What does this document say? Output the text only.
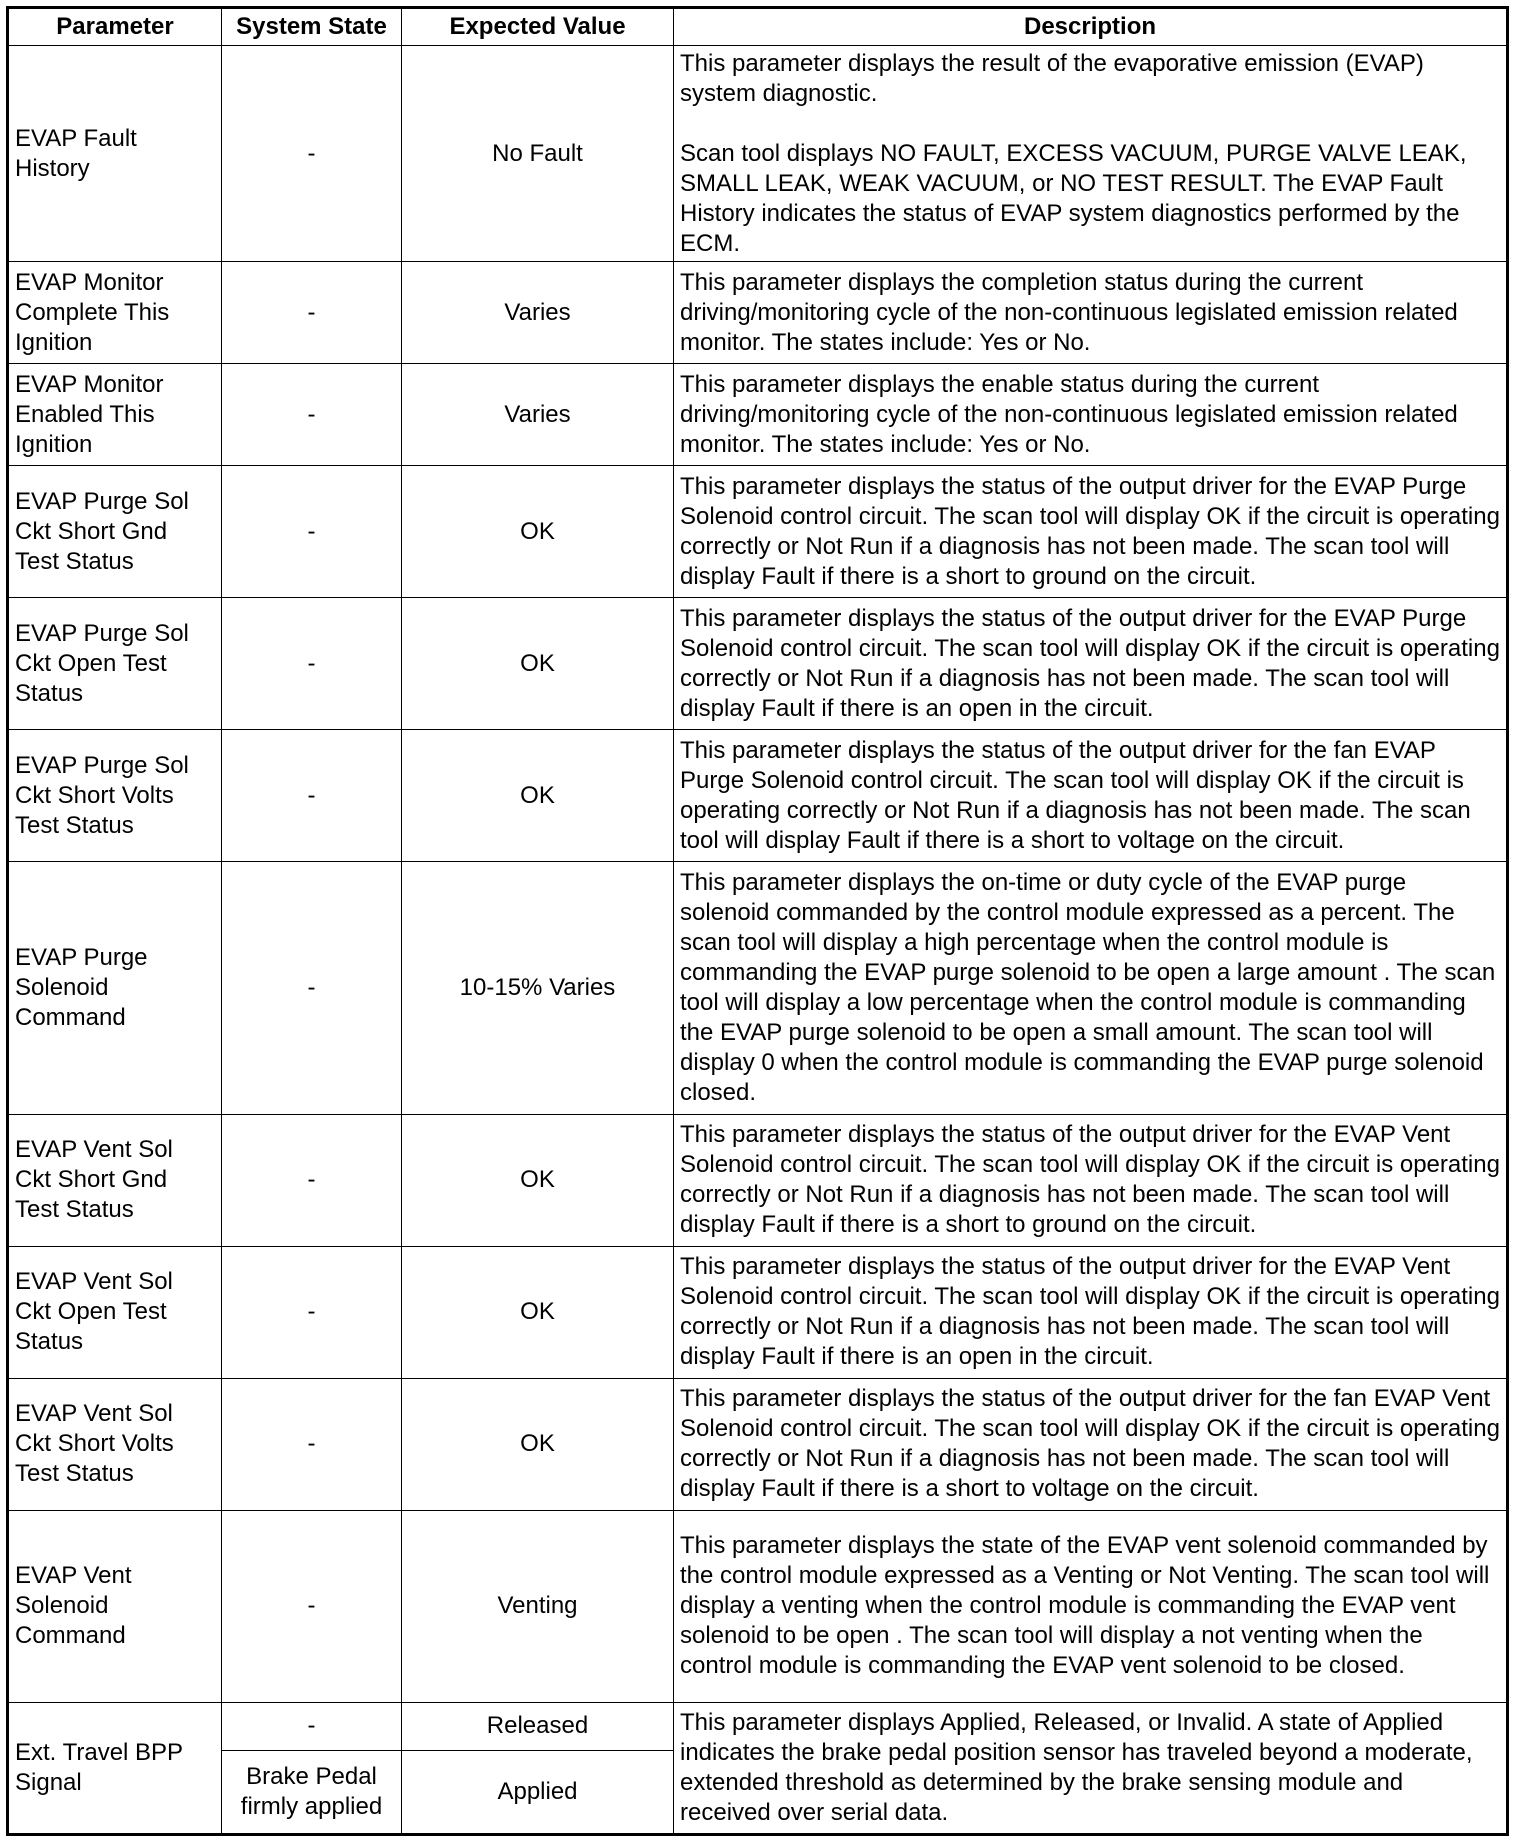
Parameter	System State	Expected Value	Description
EVAP Fault History	-	No Fault	This parameter displays the result of the evaporative emission (EVAP) system diagnostic.
Scan tool displays NO FAULT, EXCESS VACUUM, PURGE VALVE LEAK, SMALL LEAK, WEAK VACUUM, or NO TEST RESULT. The EVAP Fault History indicates the status of EVAP system diagnostics performed by the ECM.

EVAP Monitor Complete This Ignition	-	Varies	This parameter displays the completion status during the current driving/monitoring cycle of the non-continuous legislated emission related monitor. The states include: Yes or No.
EVAP Monitor Enabled This Ignition	-	Varies	This parameter displays the enable status during the current driving/monitoring cycle of the non-continuous legislated emission related monitor. The states include: Yes or No.
EVAP Purge Sol Ckt Short Gnd Test Status	-	OK	This parameter displays the status of the output driver for the EVAP Purge Solenoid control circuit. The scan tool will display OK if the circuit is operating correctly or Not Run if a diagnosis has not been made. The scan tool will display Fault if there is a short to ground on the circuit.
EVAP Purge Sol Ckt Open Test Status	-	OK	This parameter displays the status of the output driver for the EVAP Purge Solenoid control circuit. The scan tool will display OK if the circuit is operating correctly or Not Run if a diagnosis has not been made. The scan tool will display Fault if there is an open in the circuit.
EVAP Purge Sol Ckt Short Volts Test Status	-	OK	This parameter displays the status of the output driver for the fan EVAP Purge Solenoid control circuit. The scan tool will display OK if the circuit is operating correctly or Not Run if a diagnosis has not been made. The scan tool will display Fault if there is a short to voltage on the circuit.
EVAP Purge Solenoid Command	-	10-15% Varies	This parameter displays the on-time or duty cycle of the EVAP purge solenoid commanded by the control module expressed as a percent. The scan tool will display a high percentage when the control module is commanding the EVAP purge solenoid to be open a large amount . The scan tool will display a low percentage when the control module is commanding the EVAP purge solenoid to be open a small amount. The scan tool will display 0 when the control module is commanding the EVAP purge solenoid closed.
EVAP Vent Sol Ckt Short Gnd Test Status	-	OK	This parameter displays the status of the output driver for the EVAP Vent Solenoid control circuit. The scan tool will display OK if the circuit is operating correctly or Not Run if a diagnosis has not been made. The scan tool will display Fault if there is a short to ground on the circuit.
EVAP Vent Sol Ckt Open Test Status	-	OK	This parameter displays the status of the output driver for the EVAP Vent Solenoid control circuit. The scan tool will display OK if the circuit is operating correctly or Not Run if a diagnosis has not been made. The scan tool will display Fault if there is an open in the circuit.
EVAP Vent Sol Ckt Short Volts Test Status	-	OK	This parameter displays the status of the output driver for the fan EVAP Vent Solenoid control circuit. The scan tool will display OK if the circuit is operating correctly or Not Run if a diagnosis has not been made. The scan tool will display Fault if there is a short to voltage on the circuit.
EVAP Vent Solenoid Command	-	Venting	This parameter displays the state of the EVAP vent solenoid commanded by the control module expressed as a Venting or Not Venting. The scan tool will display a venting when the control module is commanding the EVAP vent solenoid to be open . The scan tool will display a not venting when the control module is commanding the EVAP vent solenoid to be closed.
Ext. Travel BPP Signal	-	Released	This parameter displays Applied, Released, or Invalid. A state of Applied indicates the brake pedal position sensor has traveled beyond a moderate, extended threshold as determined by the brake sensing module and received over serial data.
	Brake Pedal firmly applied	Applied	
